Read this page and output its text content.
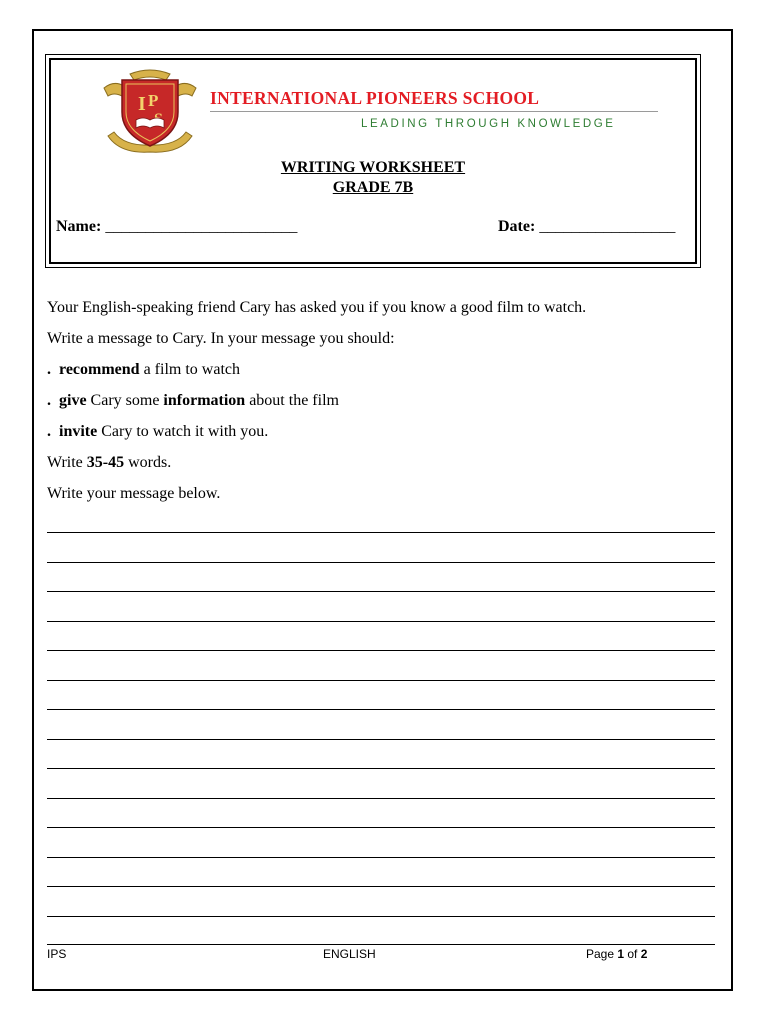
I P	INTERNATIONAL PIONEERS SCHOOL
LEADING THROUGH KNOWLEDGE
WRITING WORKSHEET
GRADE 7B
Name: ________________________	Date: _________________
Your English-speaking friend Cary has asked you if you know a good film to watch.
Write a message to Cary. In your message you should:
. recommend a film to watch
. give Cary some information about the film
. invite Cary to watch it with you.
Write 35-45 words.
Write your message below.
IPS	ENGLISH	Page 1 of 2
